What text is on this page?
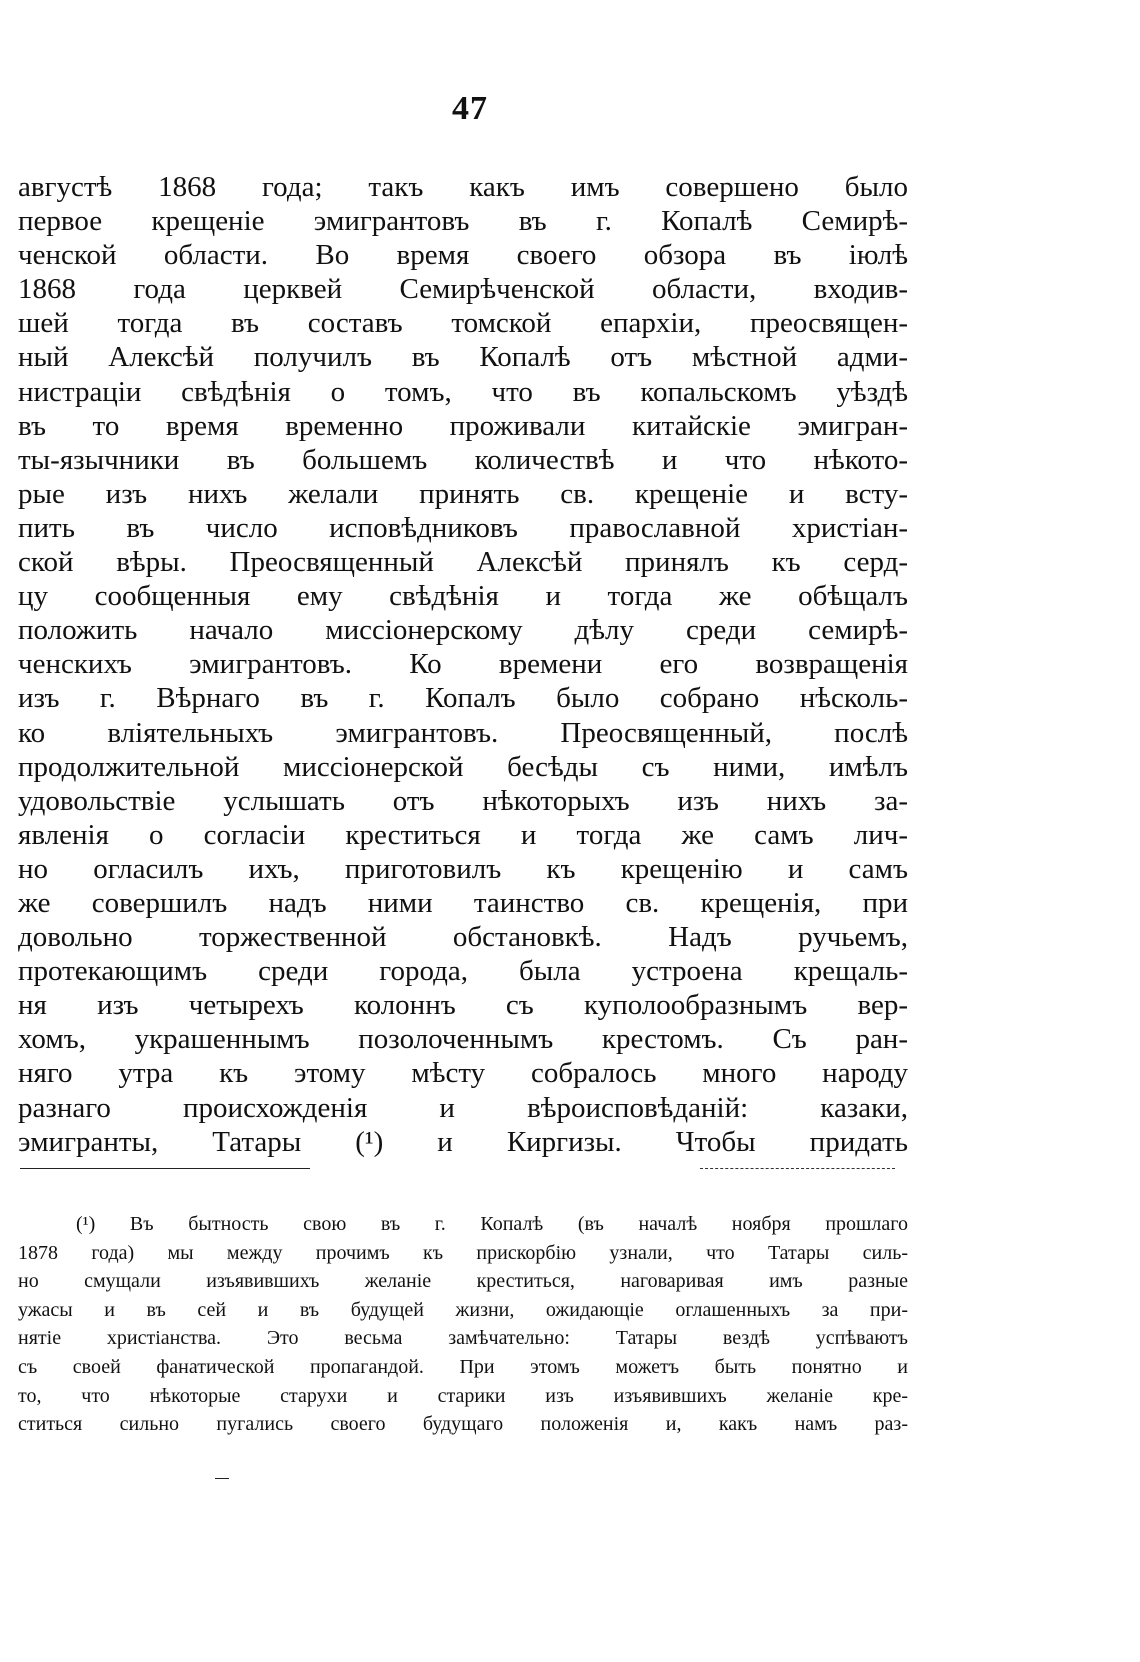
47
августѣ 1868 года; такъ какъ имъ совершено было
первое крещеніе эмигрантовъ въ г. Копалѣ Семирѣ-
ченской области. Во время своего обзора въ іюлѣ
1868 года церквей Семирѣченской области, входив-
шей тогда въ составъ томской епархіи, преосвящен-
ный Алексѣй получилъ въ Копалѣ отъ мѣстной адми-
нистраціи свѣдѣнія о томъ, что въ копальскомъ уѣздѣ
въ то время временно проживали китайскіе эмигран-
ты-язычники въ большемъ количествѣ и что нѣкото-
рые изъ нихъ желали принять св. крещеніе и всту-
пить въ число исповѣдниковъ православной христіан-
ской вѣры. Преосвященный Алексѣй принялъ къ серд-
цу сообщенныя ему свѣдѣнія и тогда же обѣщалъ
положить начало миссіонерскому дѣлу среди семирѣ-
ченскихъ эмигрантовъ. Ко времени его возвращенія
изъ г. Вѣрнаго въ г. Копалъ было собрано нѣсколь-
ко вліятельныхъ эмигрантовъ. Преосвященный, послѣ
продолжительной миссіонерской бесѣды съ ними, имѣлъ
удовольствіе услышать отъ нѣкоторыхъ изъ нихъ за-
явленія о согласіи креститься и тогда же самъ лич-
но огласилъ ихъ, приготовилъ къ крещенію и самъ
же совершилъ надъ ними таинство св. крещенія, при
довольно торжественной обстановкѣ. Надъ ручьемъ,
протекающимъ среди города, была устроена крещаль-
ня изъ четырехъ колоннъ съ куполообразнымъ вер-
хомъ, украшеннымъ позолоченнымъ крестомъ. Съ ран-
няго утра къ этому мѣсту собралось много народу
разнаго происхожденія и вѣроисповѣданій: казаки,
эмигранты, Татары (¹) и Киргизы. Чтобы придать
(¹) Въ бытность свою въ г. Копалѣ (въ началѣ ноября прошлаго
1878 года) мы между прочимъ къ прискорбію узнали, что Татары силь-
но смущали изъявившихъ желаніе креститься, наговаривая имъ разные
ужасы и въ сей и въ будущей жизни, ожидающіе оглашенныхъ за при-
нятіе христіанства. Это весьма замѣчательно: Татары вездѣ успѣваютъ
съ своей фанатической пропагандой. При этомъ можетъ быть понятно и
то, что нѣкоторые старухи и старики изъ изъявившихъ желаніе кре-
ститься сильно пугались своего будущаго положенія и, какъ намъ раз-
